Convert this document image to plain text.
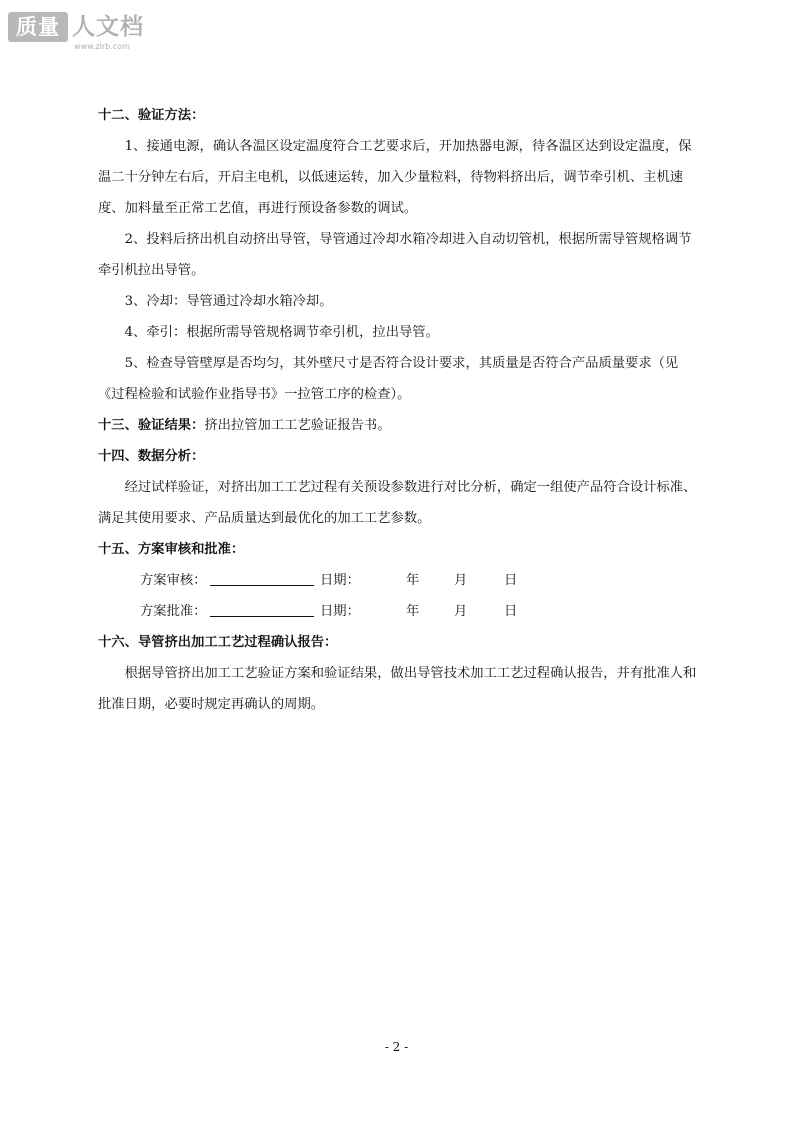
质量 人文档
www.zlrb.com

十二、验证方法：

1、接通电源，确认各温区设定温度符合工艺要求后，开加热器电源，待各温区达到设定温度，保温二十分钟左右后，开启主电机，以低速运转，加入少量粒料，待物料挤出后，调节牵引机、主机速度、加料量至正常工艺值，再进行预设备参数的调试。

2、投料后挤出机自动挤出导管，导管通过冷却水箱冷却进入自动切管机，根据所需导管规格调节牵引机拉出导管。

3、冷却：导管通过冷却水箱冷却。

4、牵引：根据所需导管规格调节牵引机，拉出导管。

5、检查导管壁厚是否均匀，其外壁尺寸是否符合设计要求，其质量是否符合产品质量要求（见《过程检验和试验作业指导书》一拉管工序的检查）。

十三、验证结果：挤出拉管加工工艺验证报告书。

十四、数据分析：

经过试样验证，对挤出加工工艺过程有关预设参数进行对比分析，确定一组使产品符合设计标准、满足其使用要求、产品质量达到最优化的加工工艺参数。

十五、方案审核和批准：

方案审核：	日期：	年	月	日
方案批准：	日期：	年	月	日

十六、导管挤出加工工艺过程确认报告：

根据导管挤出加工工艺验证方案和验证结果，做出导管技术加工工艺过程确认报告，并有批准人和批准日期，必要时规定再确认的周期。

- 2 -
